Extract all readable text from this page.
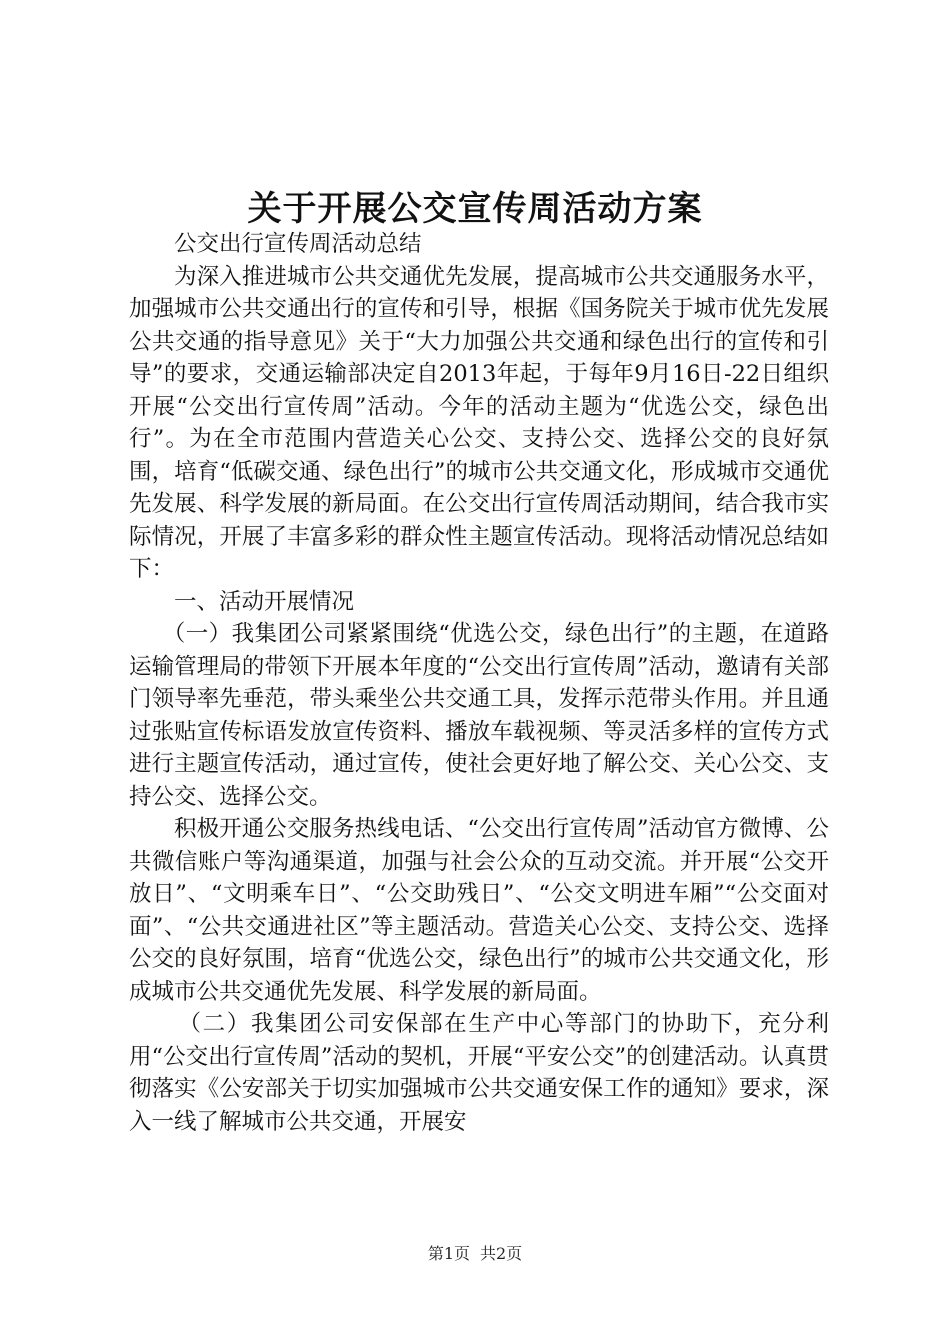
关于开展公交宣传周活动方案

公交出行宣传周活动总结

为深入推进城市公共交通优先发展，提高城市公共交通服务水平，加强城市公共交通出行的宣传和引导，根据《国务院关于城市优先发展公共交通的指导意见》关于“大力加强公共交通和绿色出行的宣传和引导”的要求，交通运输部决定自2013年起，于每年9月16日-22日组织开展“公交出行宣传周”活动。今年的活动主题为“优选公交，绿色出行”。为在全市范围内营造关心公交、支持公交、选择公交的良好氛围，培育“低碳交通、绿色出行”的城市公共交通文化，形成城市交通优先发展、科学发展的新局面。在公交出行宣传周活动期间，结合我市实际情况，开展了丰富多彩的群众性主题宣传活动。现将活动情况总结如下：

一、活动开展情况

（一）我集团公司紧紧围绕“优选公交，绿色出行”的主题，在道路运输管理局的带领下开展本年度的“公交出行宣传周”活动，邀请有关部门领导率先垂范，带头乘坐公共交通工具，发挥示范带头作用。并且通过张贴宣传标语发放宣传资料、播放车载视频、等灵活多样的宣传方式进行主题宣传活动，通过宣传，使社会更好地了解公交、关心公交、支持公交、选择公交。

积极开通公交服务热线电话、“公交出行宣传周”活动官方微博、公共微信账户等沟通渠道，加强与社会公众的互动交流。并开展“公交开放日”、“文明乘车日”、“公交助残日”、“公交文明进车厢”“公交面对面”、“公共交通进社区”等主题活动。营造关心公交、支持公交、选择公交的良好氛围，培育“优选公交，绿色出行”的城市公共交通文化，形成城市公共交通优先发展、科学发展的新局面。

（二）我集团公司安保部在生产中心等部门的协助下，充分利用“公交出行宣传周”活动的契机，开展“平安公交”的创建活动。认真贯彻落实《公安部关于切实加强城市公共交通安保工作的通知》要求，深入一线了解城市公共交通，开展安

第1页 共2页
